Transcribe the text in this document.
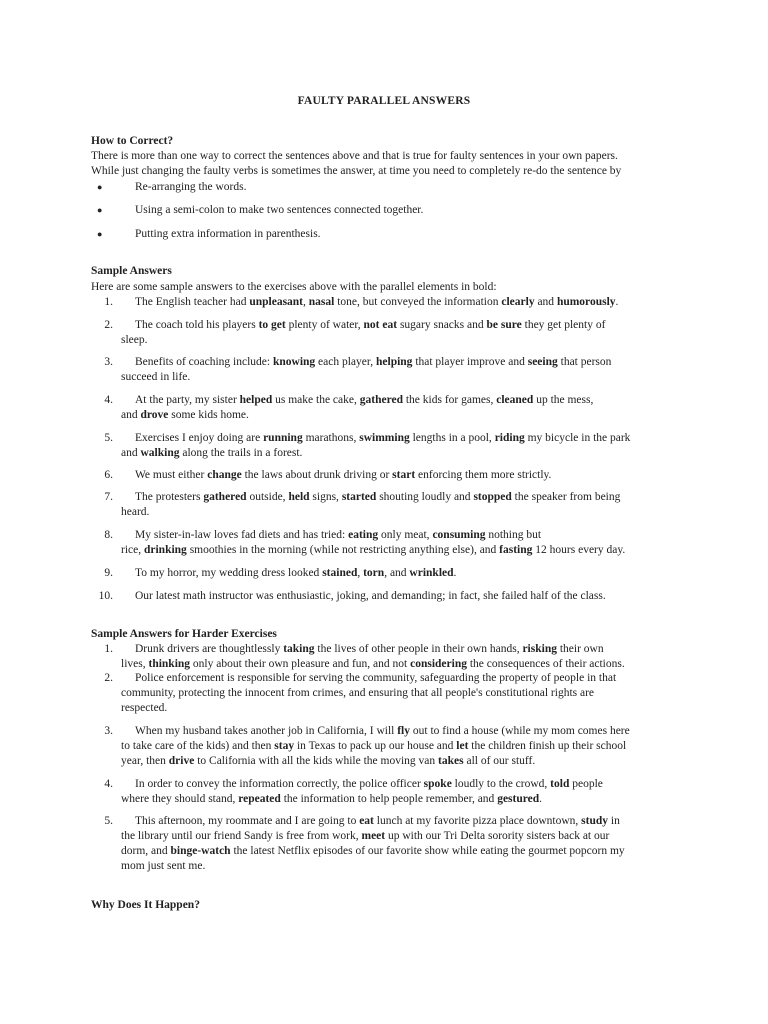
FAULTY PARALLEL ANSWERS
How to Correct?
There is more than one way to correct the sentences above and that is true for faulty sentences in your own papers.
While just changing the faulty verbs is sometimes the answer, at time you need to completely re-do the sentence by
●	Re-arranging the words.
●	Using a semi-colon to make two sentences connected together.
●	Putting extra information in parenthesis.
Sample Answers
Here are some sample answers to the exercises above with the parallel elements in bold:
1.	The English teacher had unpleasant, nasal tone, but conveyed the information clearly and humorously.
2.	The coach told his players to get plenty of water, not eat sugary snacks and be sure they get plenty of
sleep.
3.	Benefits of coaching include: knowing each player, helping that player improve and seeing that person
succeed in life.
4.	At the party, my sister helped us make the cake, gathered the kids for games, cleaned up the mess,
and drove some kids home.
5.	Exercises I enjoy doing are running marathons, swimming lengths in a pool, riding my bicycle in the park
and walking along the trails in a forest.
6.	We must either change the laws about drunk driving or start enforcing them more strictly.
7.	The protesters gathered outside, held signs, started shouting loudly and stopped the speaker from being
heard.
8.	My sister-in-law loves fad diets and has tried: eating only meat, consuming nothing but
rice, drinking smoothies in the morning (while not restricting anything else), and fasting 12 hours every day.
9.	To my horror, my wedding dress looked stained, torn, and wrinkled.
10.	Our latest math instructor was enthusiastic, joking, and demanding; in fact, she failed half of the class.
Sample Answers for Harder Exercises
1.	Drunk drivers are thoughtlessly taking the lives of other people in their own hands, risking their own
lives, thinking only about their own pleasure and fun, and not considering the consequences of their actions.
2.	Police enforcement is responsible for serving the community, safeguarding the property of people in that
community, protecting the innocent from crimes, and ensuring that all people's constitutional rights are
respected.
3.	When my husband takes another job in California, I will fly out to find a house (while my mom comes here
to take care of the kids) and then stay in Texas to pack up our house and let the children finish up their school
year, then drive to California with all the kids while the moving van takes all of our stuff.
4.	In order to convey the information correctly, the police officer spoke loudly to the crowd, told people
where they should stand, repeated the information to help people remember, and gestured.
5.	This afternoon, my roommate and I are going to eat lunch at my favorite pizza place downtown, study in
the library until our friend Sandy is free from work, meet up with our Tri Delta sorority sisters back at our
dorm, and binge-watch the latest Netflix episodes of our favorite show while eating the gourmet popcorn my
mom just sent me.
Why Does It Happen?
